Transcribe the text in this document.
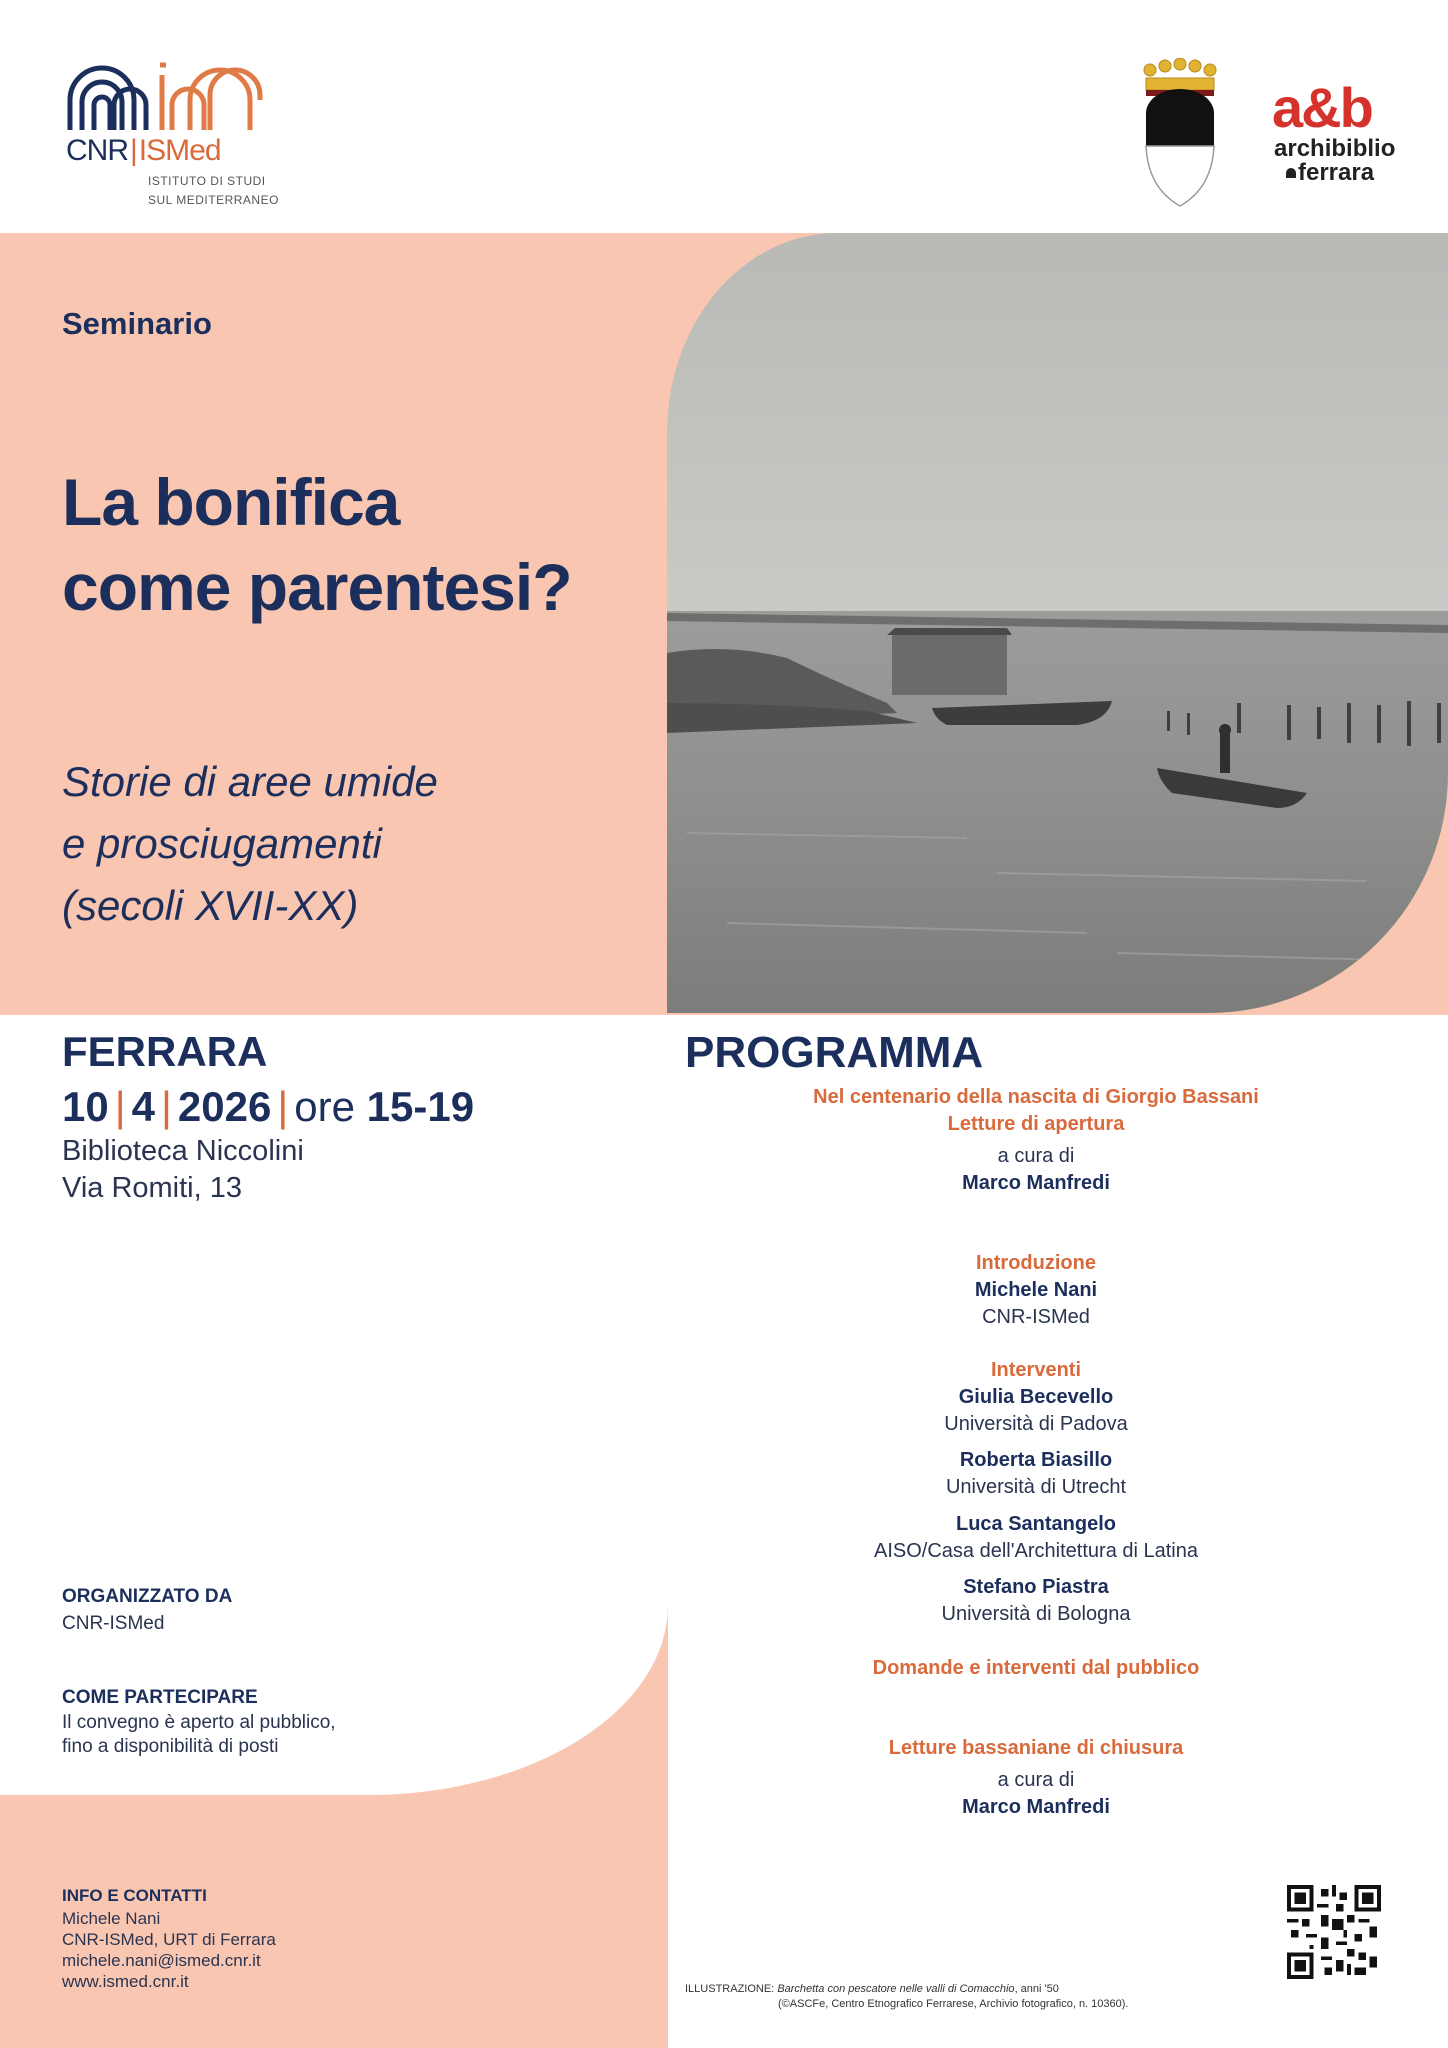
CNR|ISMed
ISTITUTO DI STUDI
SUL MEDITERRANEO
a&b
archibiblio
ferrara
Seminario
La bonifica
come parentesi?
Storie di aree umide
e prosciugamenti
(secoli XVII-XX)
FERRARA
10 | 4 | 2026 | ore 15-19
Biblioteca Niccolini
Via Romiti, 13
ORGANIZZATO DA
CNR-ISMed
COME PARTECIPARE
Il convegno è aperto al pubblico,
fino a disponibilità di posti
INFO E CONTATTI
Michele Nani
CNR-ISMed, URT di Ferrara
michele.nani@ismed.cnr.it
www.ismed.cnr.it
PROGRAMMA
Nel centenario della nascita di Giorgio Bassani
Letture di apertura
a cura di
Marco Manfredi
Introduzione
Michele Nani
CNR-ISMed
Interventi
Giulia Becevello
Università di Padova
Roberta Biasillo
Università di Utrecht
Luca Santangelo
AISO/Casa dell'Architettura di Latina
Stefano Piastra
Università di Bologna
Domande e interventi dal pubblico
Letture bassaniane di chiusura
a cura di
Marco Manfredi
ILLUSTRAZIONE: Barchetta con pescatore nelle valli di Comacchio, anni '50
(©ASCFe, Centro Etnografico Ferrarese, Archivio fotografico, n. 10360).
